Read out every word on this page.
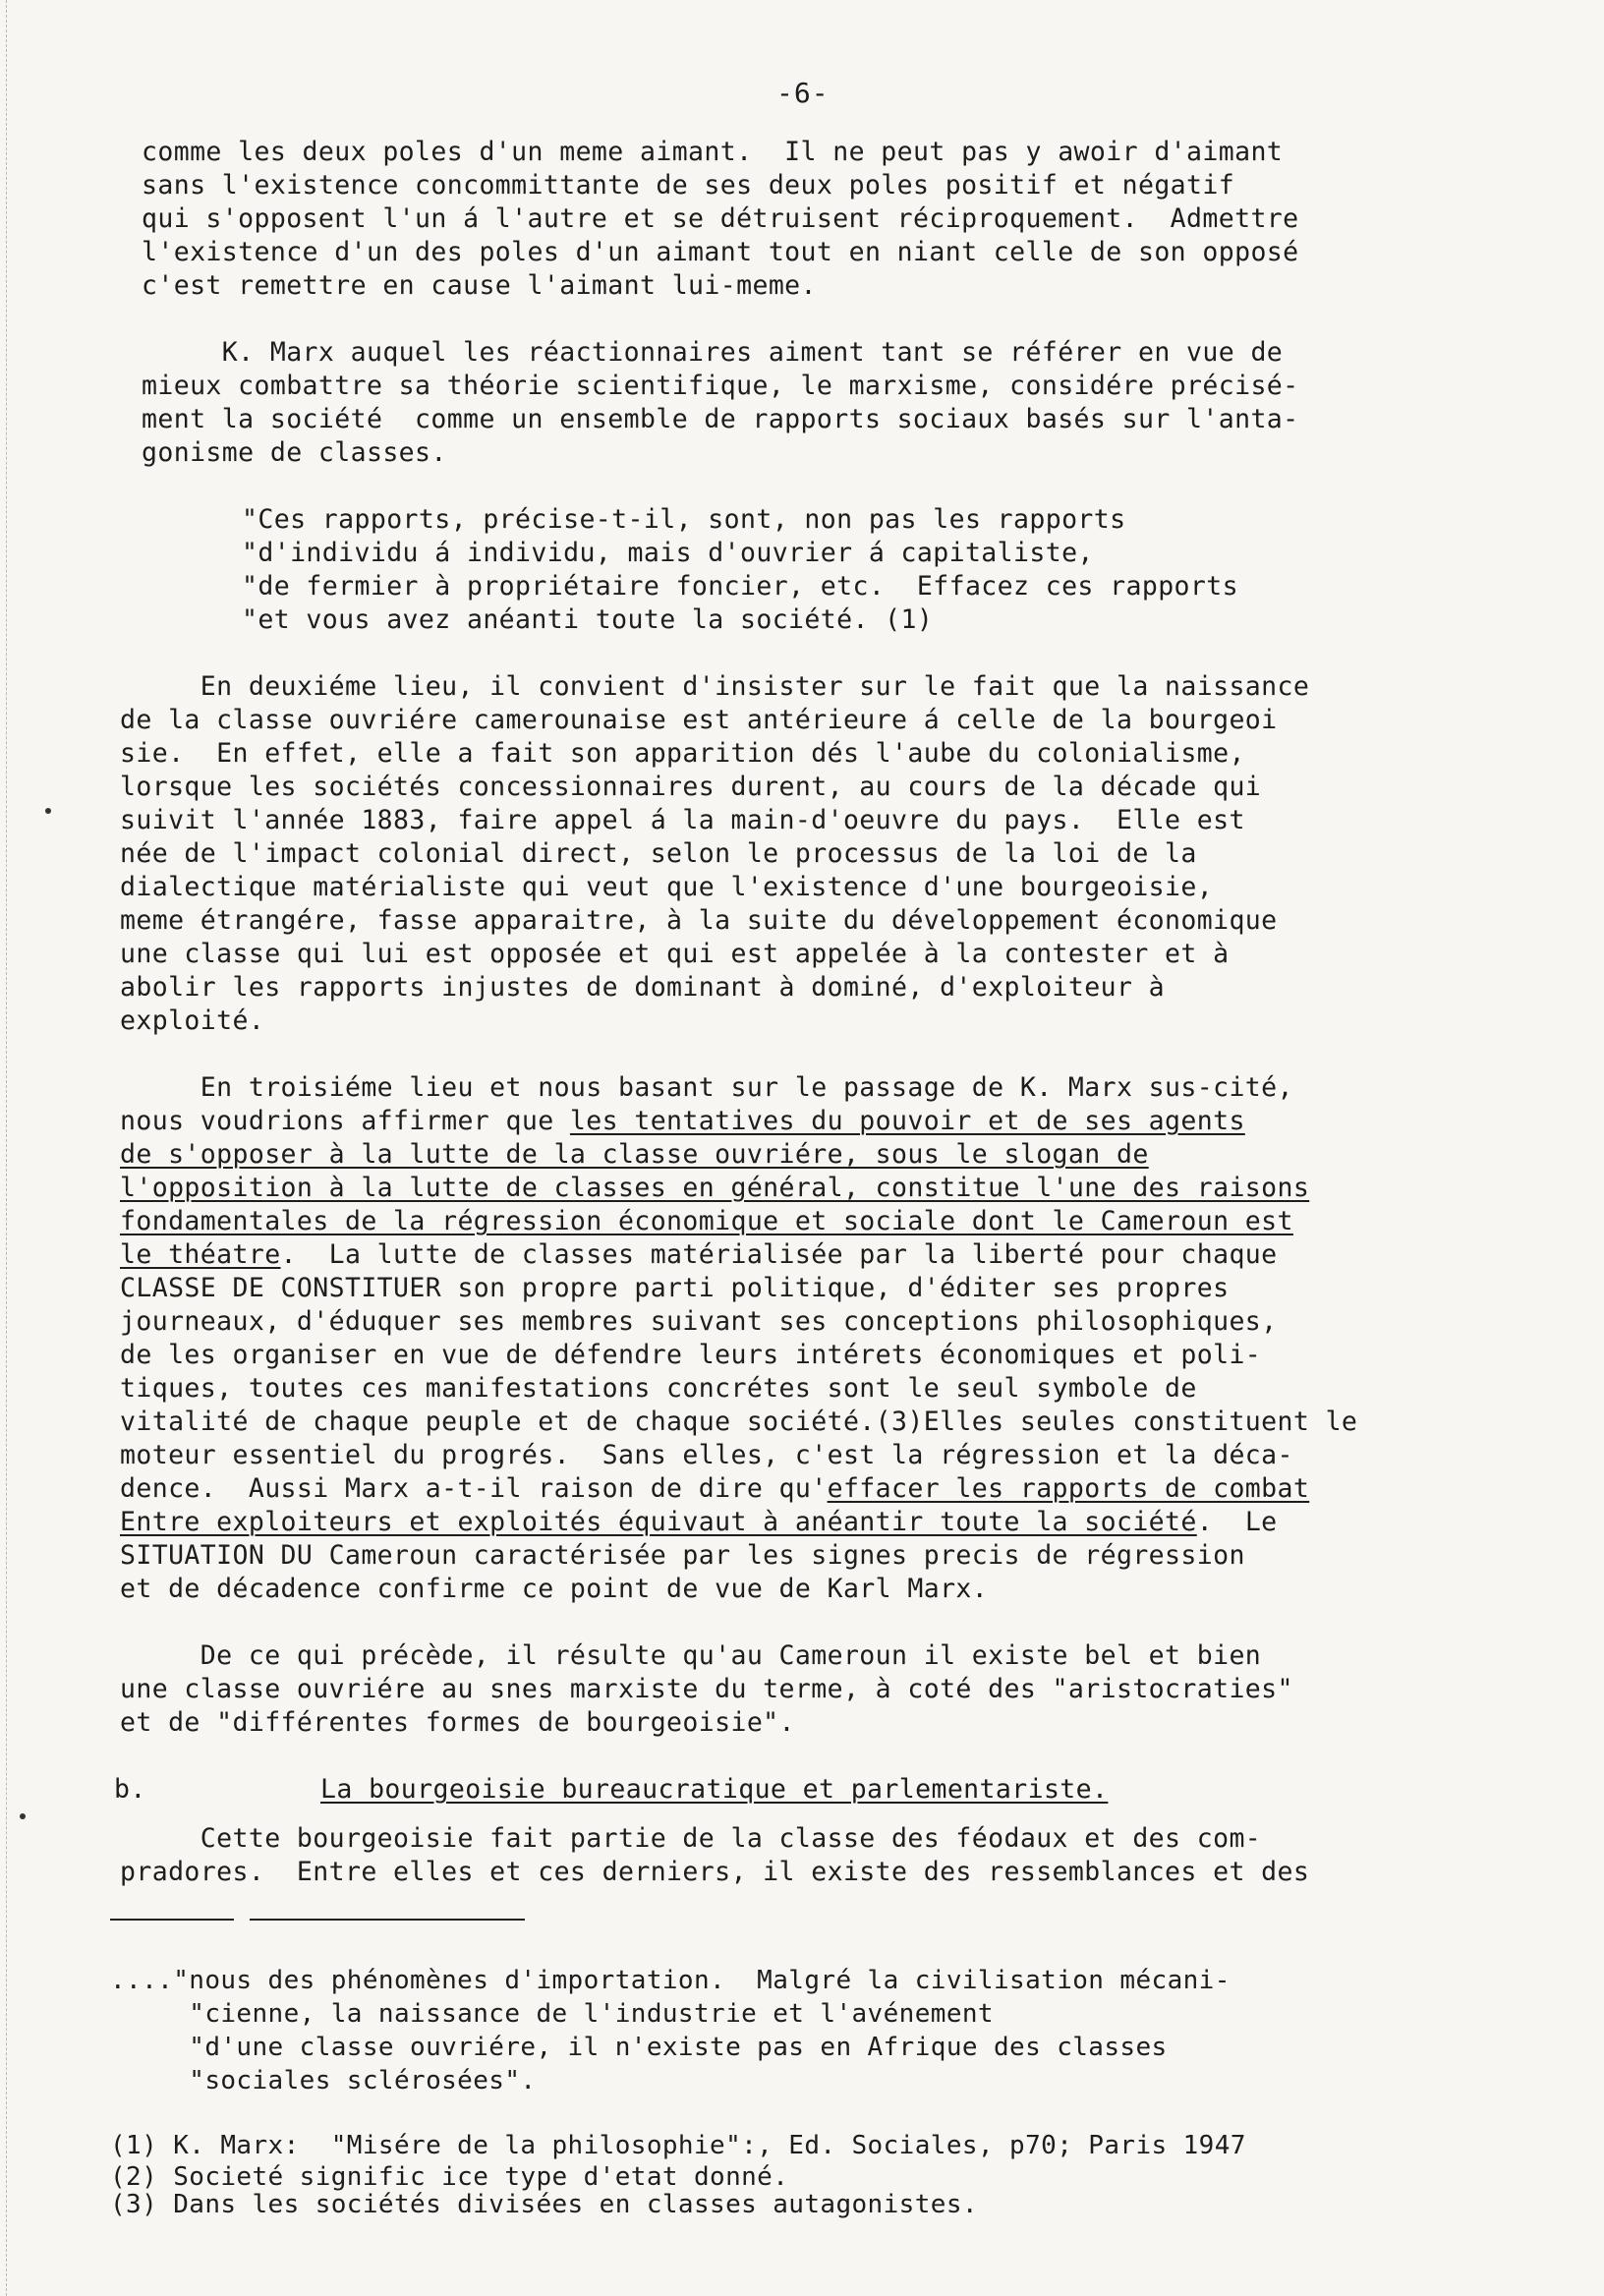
-6-
comme les deux poles d'un meme aimant.  Il ne peut pas y awoir d'aimant
sans l'existence concommittante de ses deux poles positif et négatif
qui s'opposent l'un á l'autre et se détruisent réciproquement.  Admettre
l'existence d'un des poles d'un aimant tout en niant celle de son opposé
c'est remettre en cause l'aimant lui-meme.
K. Marx auquel les réactionnaires aiment tant se référer en vue de
mieux combattre sa théorie scientifique, le marxisme, considére précisé-
ment la société  comme un ensemble de rapports sociaux basés sur l'anta-
gonisme de classes.
"Ces rapports, précise-t-il, sont, non pas les rapports
"d'individu á individu, mais d'ouvrier á capitaliste,
"de fermier à propriétaire foncier, etc.  Effacez ces rapports
"et vous avez anéanti toute la société. (1)
En deuxiéme lieu, il convient d'insister sur le fait que la naissance
de la classe ouvriére camerounaise est antérieure á celle de la bourgeoi
sie.  En effet, elle a fait son apparition dés l'aube du colonialisme,
lorsque les sociétés concessionnaires durent, au cours de la décade qui
suivit l'année 1883, faire appel á la main-d'oeuvre du pays.  Elle est
née de l'impact colonial direct, selon le processus de la loi de la
dialectique matérialiste qui veut que l'existence d'une bourgeoisie,
meme étrangére, fasse apparaitre, à la suite du développement économique
une classe qui lui est opposée et qui est appelée à la contester et à
abolir les rapports injustes de dominant à dominé, d'exploiteur à
exploité.
En troisiéme lieu et nous basant sur le passage de K. Marx sus-cité,
nous voudrions affirmer que les tentatives du pouvoir et de ses agents
de s'opposer à la lutte de la classe ouvriére, sous le slogan de
l'opposition à la lutte de classes en général, constitue l'une des raisons
fondamentales de la régression économique et sociale dont le Cameroun est
le théatre.  La lutte de classes matérialisée par la liberté pour chaque
CLASSE DE CONSTITUER son propre parti politique, d'éditer ses propres
journeaux, d'éduquer ses membres suivant ses conceptions philosophiques,
de les organiser en vue de défendre leurs intérets économiques et poli-
tiques, toutes ces manifestations concrétes sont le seul symbole de
vitalité de chaque peuple et de chaque société.(3)Elles seules constituent le
moteur essentiel du progrés.  Sans elles, c'est la régression et la déca-
dence.  Aussi Marx a-t-il raison de dire qu'effacer les rapports de combat
Entre exploiteurs et exploités équivaut à anéantir toute la société.  Le
SITUATION DU Cameroun caractérisée par les signes precis de régression
et de décadence confirme ce point de vue de Karl Marx.
De ce qui précède, il résulte qu'au Cameroun il existe bel et bien
une classe ouvriére au snes marxiste du terme, à coté des "aristocraties"
et de "différentes formes de bourgeoisie".
b.	La bourgeoisie bureaucratique et parlementariste.
Cette bourgeoisie fait partie de la classe des féodaux et des com-
pradores.  Entre elles et ces derniers, il existe des ressemblances et des
...."nous des phénomènes d'importation.  Malgré la civilisation mécani-
"cienne, la naissance de l'industrie et l'avénement
"d'une classe ouvriére, il n'existe pas en Afrique des classes
"sociales sclérosées".
(1) K. Marx:  "Misére de la philosophie":, Ed. Sociales, p70; Paris 1947
(2) Societé signific ice type d'etat donné.
(3) Dans les sociétés divisées en classes autagonistes.
